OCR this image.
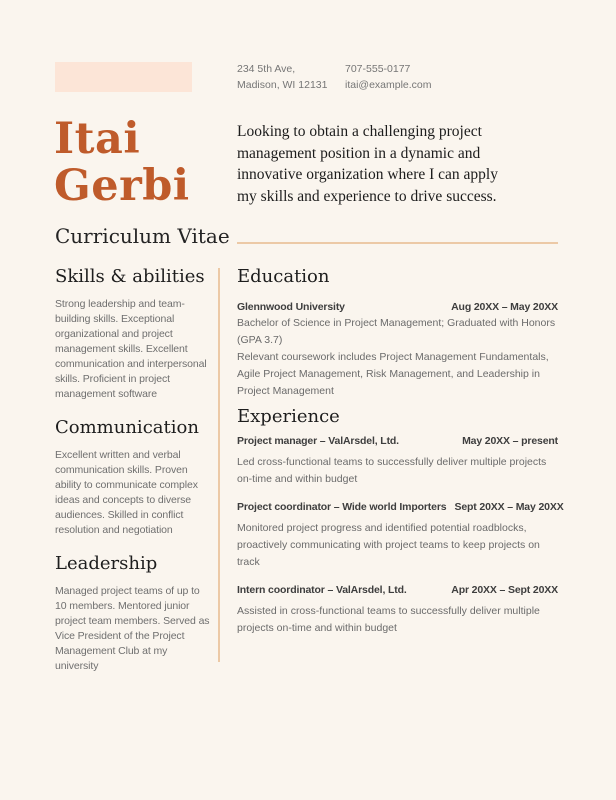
234 5th Ave,
Madison, WI 12131
707-555-0177
itai@example.com
Itai
Gerbi
Curriculum Vitae
Looking to obtain a challenging project
management position in a dynamic and
innovative organization where I can apply
my skills and experience to drive success.
Skills & abilities

Strong leadership and team-building skills. Exceptional organizational and project management skills. Excellent communication and interpersonal skills. Proficient in project management software

Communication

Excellent written and verbal communication skills. Proven ability to communicate complex ideas and concepts to diverse audiences. Skilled in conflict resolution and negotiation

Leadership

Managed project teams of up to 10 members. Mentored junior project team members. Served as Vice President of the Project Management Club at my university

Education
Glennwood University	Aug 20XX – May 20XX

Bachelor of Science in Project Management; Graduated with Honors (GPA 3.7)

Relevant coursework includes Project Management Fundamentals, Agile Project Management, Risk Management, and Leadership in Project Management

Experience
Project manager – ValArsdel, Ltd.	May 20XX – present

Led cross-functional teams to successfully deliver multiple projects on-time and within budget

Project coordinator – Wide world Importers Sept 20XX – May 20XX

Monitored project progress and identified potential roadblocks, proactively communicating with project teams to keep projects on track

Intern coordinator – ValArsdel, Ltd.	Apr 20XX – Sept 20XX

Assisted in cross-functional teams to successfully deliver multiple projects on-time and within budget
